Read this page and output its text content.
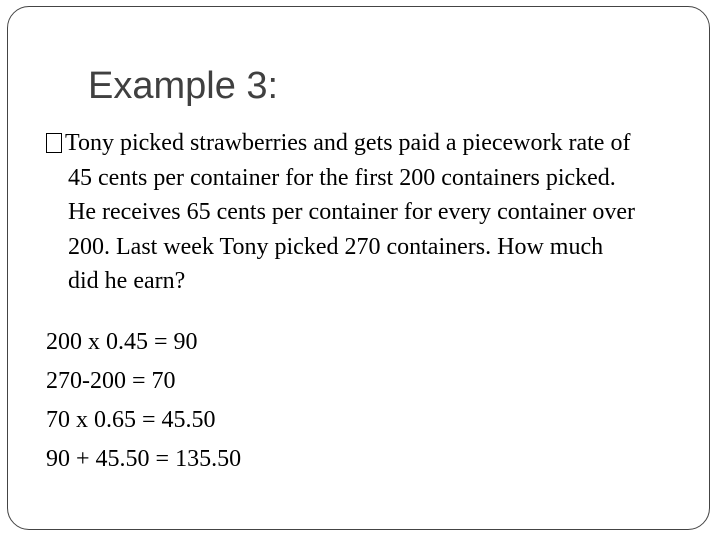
Example 3:
Tony picked strawberries and gets paid a piecework rate of
45 cents per container for the first 200 containers picked.
He receives 65 cents per container for every container over
200. Last week Tony picked 270 containers. How much
did he earn?
200 x 0.45 = 90
270-200 = 70
70 x 0.65 = 45.50
90 + 45.50 = 135.50
